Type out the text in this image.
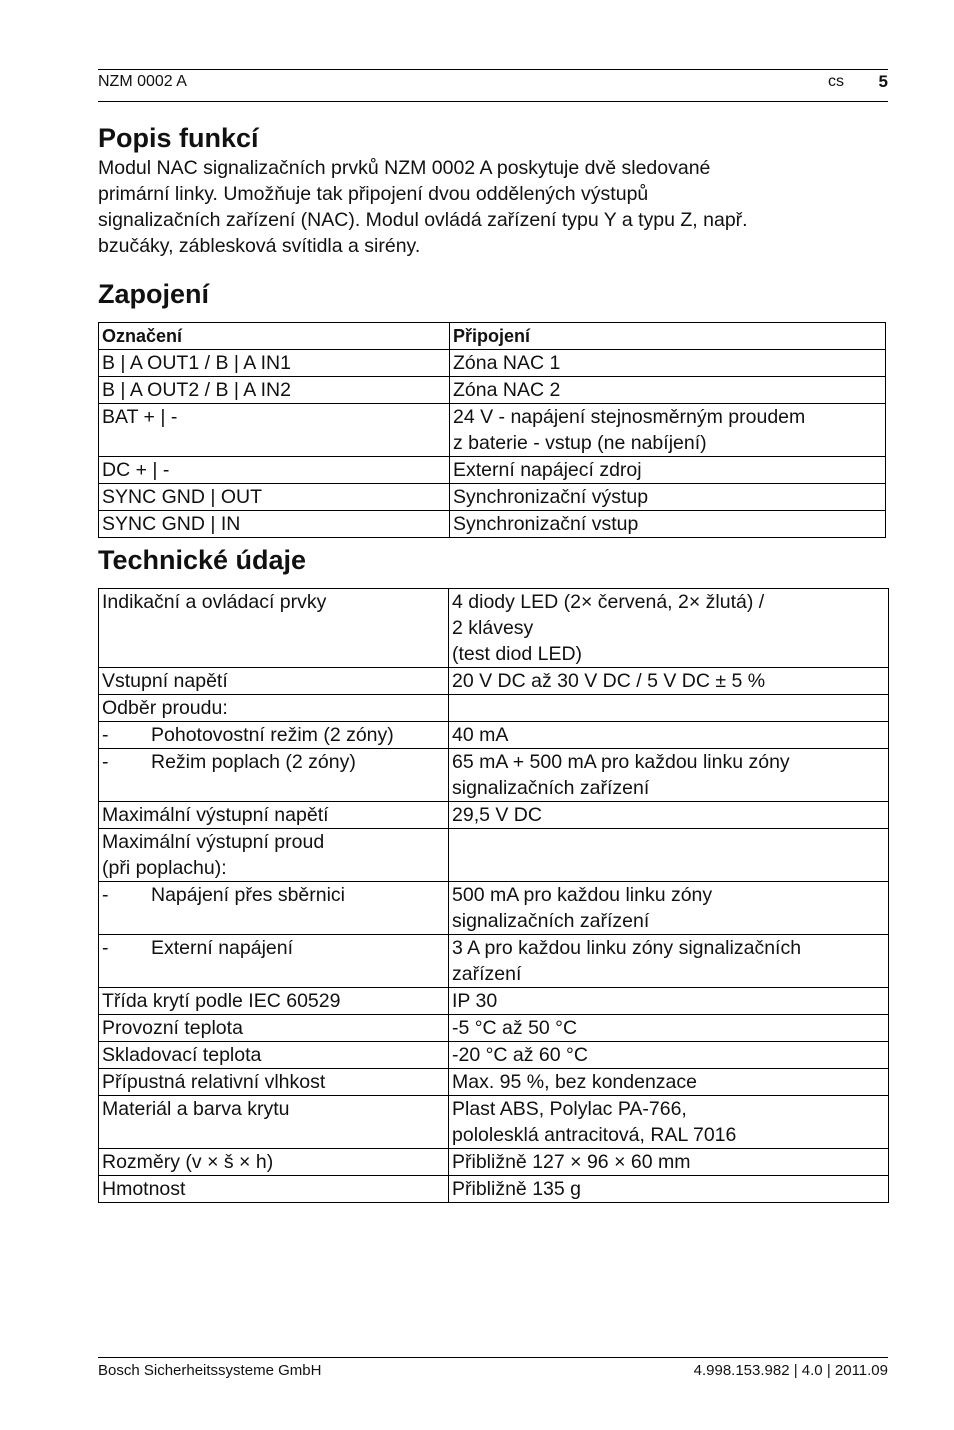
NZM 0002 A	cs 5
Popis funkcí

Modul NAC signalizačních prvků NZM 0002 A poskytuje dvě sledované
primární linky. Umožňuje tak připojení dvou oddělených výstupů
signalizačních zařízení (NAC). Modul ovládá zařízení typu Y a typu Z, např.
bzučáky, záblesková svítidla a sirény.

Zapojení
Označení	Připojení
B | A OUT1 / B | A IN1	Zóna NAC 1
B | A OUT2 / B | A IN2	Zóna NAC 2
BAT + | -	24 V - napájení stejnosměrným proudem
z baterie - vstup (ne nabíjení)
DC + | -	Externí napájecí zdroj
SYNC GND | OUT	Synchronizační výstup
SYNC GND | IN	Synchronizační vstup
Technické údaje
Indikační a ovládací prvky	4 diody LED (2× červená, 2× žlutá) /
2 klávesy
(test diod LED)
Vstupní napětí	20 V DC až 30 V DC / 5 V DC ± 5 %
Odběr proudu:	
- Pohotovostní režim (2 zóny)	40 mA
- Režim poplach (2 zóny)	65 mA + 500 mA pro každou linku zóny
signalizačních zařízení
Maximální výstupní napětí	29,5 V DC
Maximální výstupní proud
(při poplachu):	
- Napájení přes sběrnici	500 mA pro každou linku zóny
signalizačních zařízení
- Externí napájení	3 A pro každou linku zóny signalizačních
zařízení
Třída krytí podle IEC 60529	IP 30
Provozní teplota	-5 °C až 50 °C
Skladovací teplota	-20 °C až 60 °C
Přípustná relativní vlhkost	Max. 95 %, bez kondenzace
Materiál a barva krytu	Plast ABS, Polylac PA-766,
pololesklá antracitová, RAL 7016
Rozměry (v × š × h)	Přibližně 127 × 96 × 60 mm
Hmotnost	Přibližně 135 g
Bosch Sicherheitssysteme GmbH	4.998.153.982 | 4.0 | 2011.09
